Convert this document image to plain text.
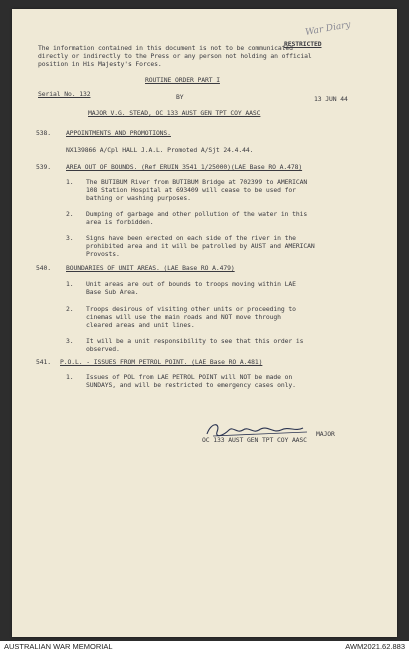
War Diary
RESTRICTED
The information contained in this document is not to be communicated
directly or indirectly to the Press or any person not holding an official
position in His Majesty's Forces.
ROUTINE ORDER PART I
Serial No. 132	BY	13 JUN 44
MAJOR V.G. STEAD, OC 133 AUST GEN TPT COY AASC
538. APPOINTMENTS AND PROMOTIONS.
NX139866 A/Cpl HALL J.A.L. Promoted A/Sjt 24.4.44.
539. AREA OUT OF BOUNDS. (Ref ERUIN 3541 1/25000)(LAE Base RO A.478)
1. The BUTIBUM River from BUTIBUM Bridge at 702399 to AMERICAN
108 Station Hospital at 693409 will cease to be used for
bathing or washing purposes.
2. Dumping of garbage and other pollution of the water in this
area is forbidden.
3. Signs have been erected on each side of the river in the
prohibited area and it will be patrolled by AUST and AMERICAN
Provosts.
540. BOUNDARIES OF UNIT AREAS. (LAE Base RO A.479)
1. Unit areas are out of bounds to troops moving within LAE
Base Sub Area.
2. Troops desirous of visiting other units or proceeding to
cinemas will use the main roads and NOT move through
cleared areas and unit lines.
3. It will be a unit responsibility to see that this order is
observed.
541. P.O.L. - ISSUES FROM PETROL POINT. (LAE Base RO A.481)
1. Issues of POL from LAE PETROL POINT will NOT be made on
SUNDAYS, and will be restricted to emergency cases only.
MAJOR
OC 133 AUST GEN TPT COY AASC
AUSTRALIAN WAR MEMORIAL	AWM2021.62.883
